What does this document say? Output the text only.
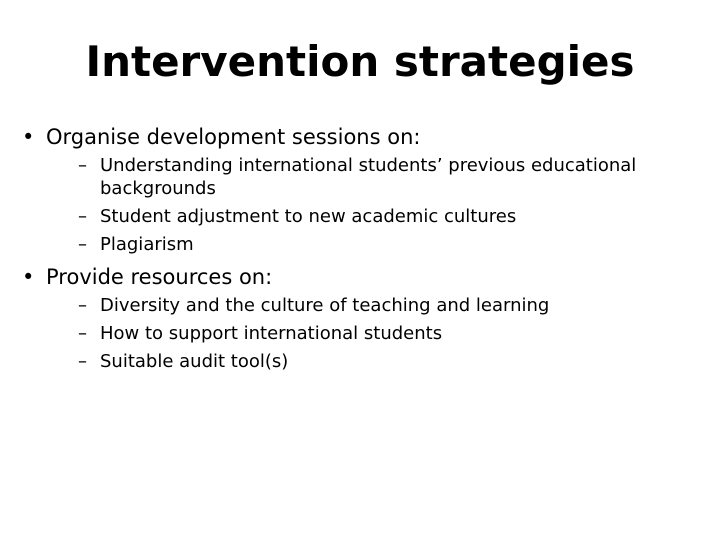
Intervention strategies

• Organise development sessions on:

– Understanding international students’ previous educational backgrounds
– Student adjustment to new academic cultures
– Plagiarism

• Provide resources on:

– Diversity and the culture of teaching and learning
– How to support international students
– Suitable audit tool(s)
